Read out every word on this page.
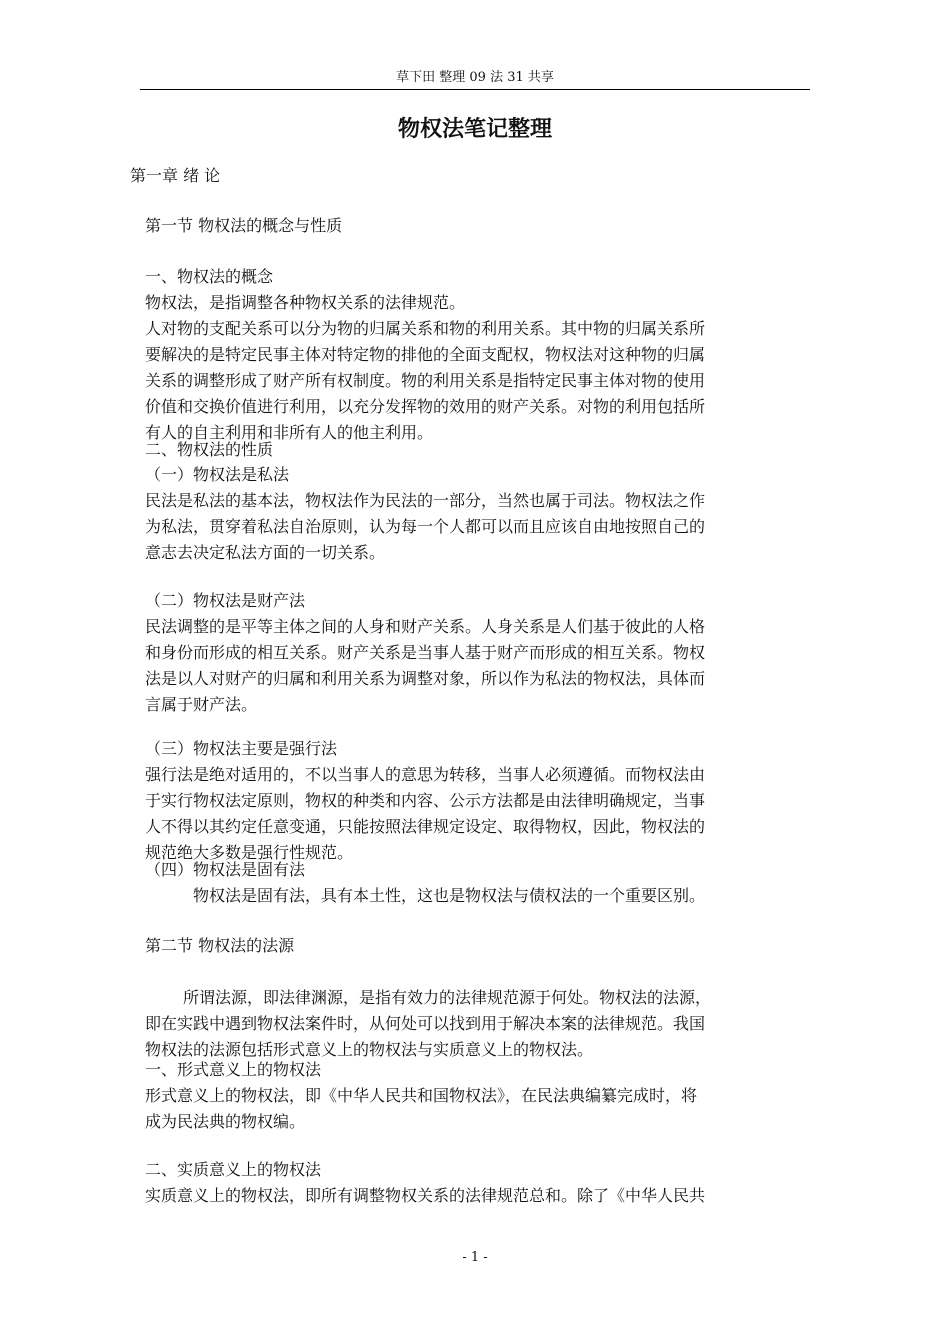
草下田 整理 09 法 31 共享
物权法笔记整理
第一章 绪 论
第一节 物权法的概念与性质
一、物权法的概念
物权法，是指调整各种物权关系的法律规范。
人对物的支配关系可以分为物的归属关系和物的利用关系。其中物的归属关系所
要解决的是特定民事主体对特定物的排他的全面支配权，物权法对这种物的归属
关系的调整形成了财产所有权制度。物的利用关系是指特定民事主体对物的使用
价值和交换价值进行利用，以充分发挥物的效用的财产关系。对物的利用包括所
有人的自主利用和非所有人的他主利用。
二、物权法的性质
（一）物权法是私法
民法是私法的基本法，物权法作为民法的一部分，当然也属于司法。物权法之作
为私法，贯穿着私法自治原则，认为每一个人都可以而且应该自由地按照自己的
意志去决定私法方面的一切关系。
（二）物权法是财产法
民法调整的是平等主体之间的人身和财产关系。人身关系是人们基于彼此的人格
和身份而形成的相互关系。财产关系是当事人基于财产而形成的相互关系。物权
法是以人对财产的归属和利用关系为调整对象，所以作为私法的物权法，具体而
言属于财产法。
（三）物权法主要是强行法
强行法是绝对适用的，不以当事人的意思为转移，当事人必须遵循。而物权法由
于实行物权法定原则，物权的种类和内容、公示方法都是由法律明确规定，当事
人不得以其约定任意变通，只能按照法律规定设定、取得物权，因此，物权法的
规范绝大多数是强行性规范。
（四）物权法是固有法
物权法是固有法，具有本土性，这也是物权法与债权法的一个重要区别。
第二节 物权法的法源
所谓法源，即法律渊源，是指有效力的法律规范源于何处。物权法的法源，
即在实践中遇到物权法案件时，从何处可以找到用于解决本案的法律规范。我国
物权法的法源包括形式意义上的物权法与实质意义上的物权法。
一、形式意义上的物权法
形式意义上的物权法，即《中华人民共和国物权法》，在民法典编纂完成时，将
成为民法典的物权编。
二、实质意义上的物权法
实质意义上的物权法，即所有调整物权关系的法律规范总和。除了《中华人民共
- 1 -
